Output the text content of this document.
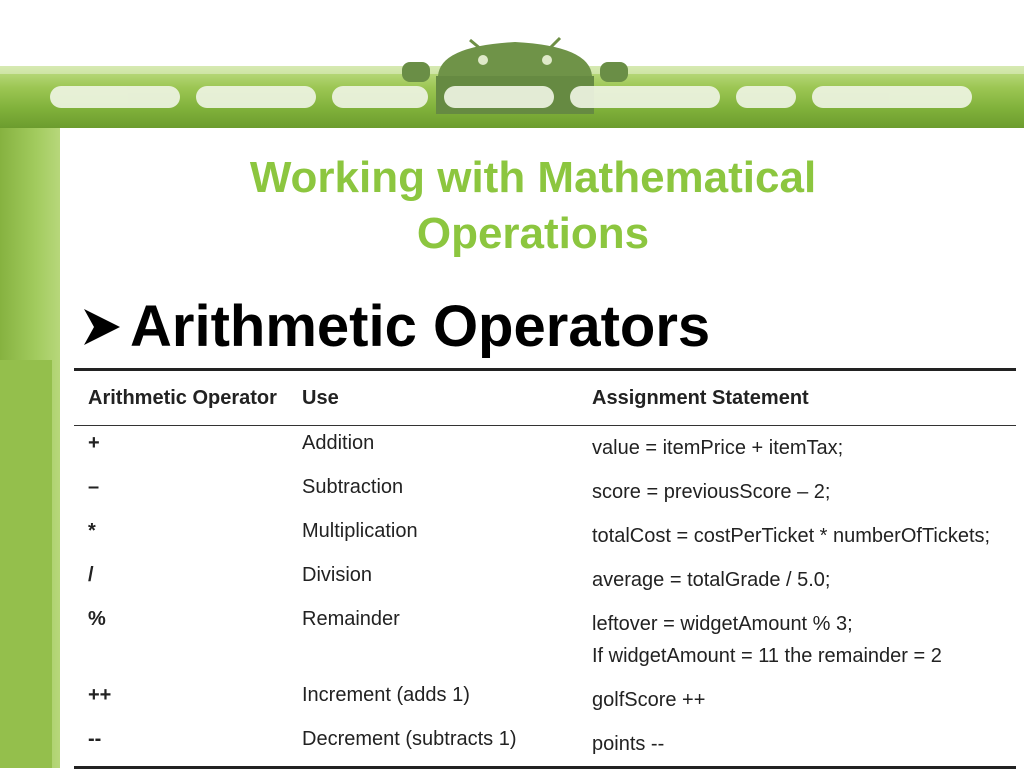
Working with Mathematical Operations
Arithmetic Operators
Arithmetic Operator	Use	Assignment Statement
+	Addition	value = itemPrice + itemTax;

–	Subtraction	score = previousScore – 2;

*	Multiplication	totalCost = costPerTicket * numberOfTickets;

/	Division	average = totalGrade / 5.0;

%	Remainder	leftover = widgetAmount % 3;
If widgetAmount = 11 the remainder = 2

++	Increment (adds 1)	golfScore ++

--	Decrement (subtracts 1)	points --
